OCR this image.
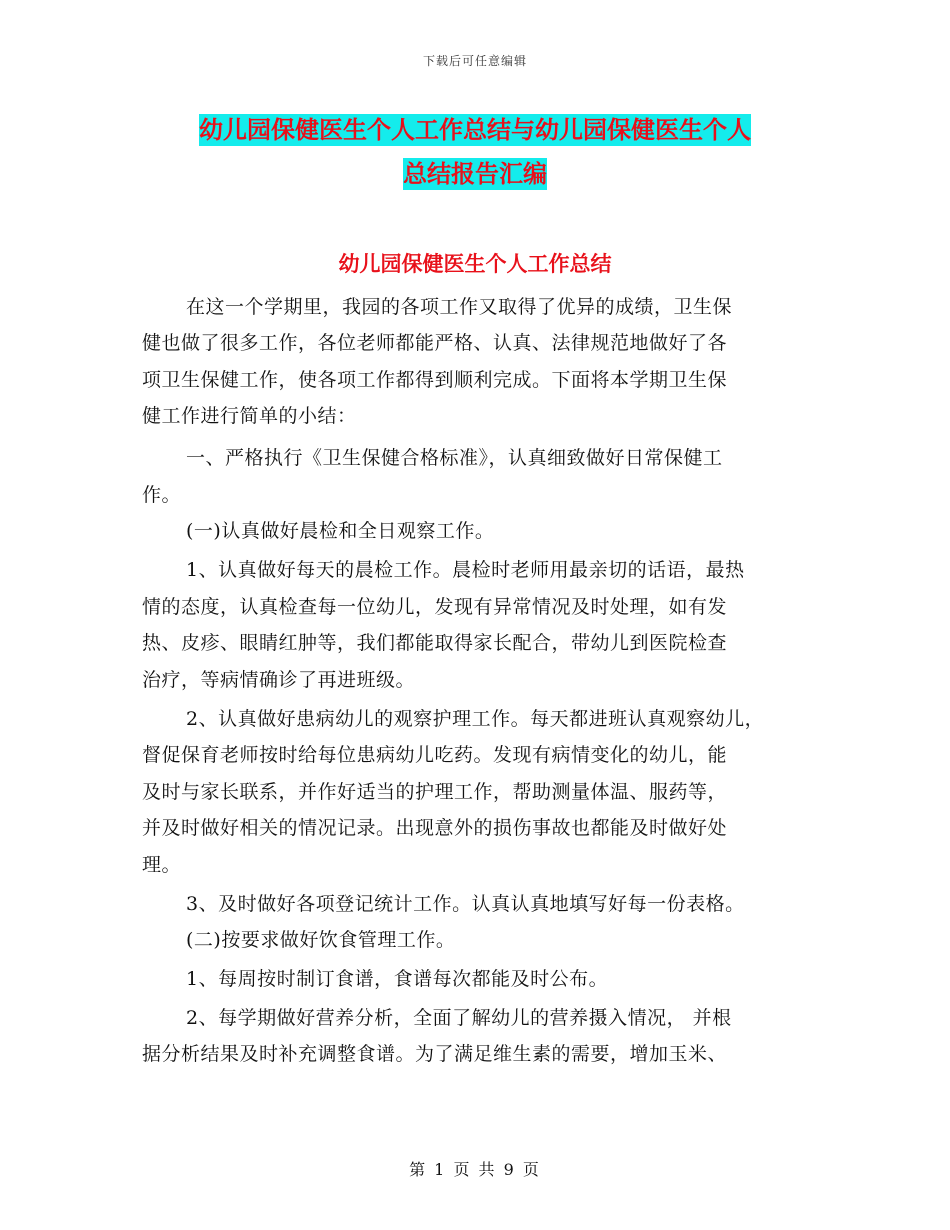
下载后可任意编辑
幼儿园保健医生个人工作总结与幼儿园保健医生个人
总结报告汇编
幼儿园保健医生个人工作总结
在这一个学期里，我园的各项工作又取得了优异的成绩，卫生保
健也做了很多工作，各位老师都能严格、认真、法律规范地做好了各
项卫生保健工作，使各项工作都得到顺利完成。下面将本学期卫生保
健工作进行简单的小结：
一、严格执行《卫生保健合格标准》，认真细致做好日常保健工
作。
(一)认真做好晨检和全日观察工作。
1、认真做好每天的晨检工作。晨检时老师用最亲切的话语，最热
情的态度，认真检查每一位幼儿，发现有异常情况及时处理，如有发
热、皮疹、眼睛红肿等，我们都能取得家长配合，带幼儿到医院检查
治疗，等病情确诊了再进班级。
2、认真做好患病幼儿的观察护理工作。每天都进班认真观察幼儿，
督促保育老师按时给每位患病幼儿吃药。发现有病情变化的幼儿，能
及时与家长联系，并作好适当的护理工作，帮助测量体温、服药等，
并及时做好相关的情况记录。出现意外的损伤事故也都能及时做好处
理。
3、及时做好各项登记统计工作。认真认真地填写好每一份表格。
(二)按要求做好饮食管理工作。
1、每周按时制订食谱，食谱每次都能及时公布。
2、每学期做好营养分析，全面了解幼儿的营养摄入情况， 并根
据分析结果及时补充调整食谱。为了满足维生素的需要，增加玉米、
第 1 页 共 9 页
